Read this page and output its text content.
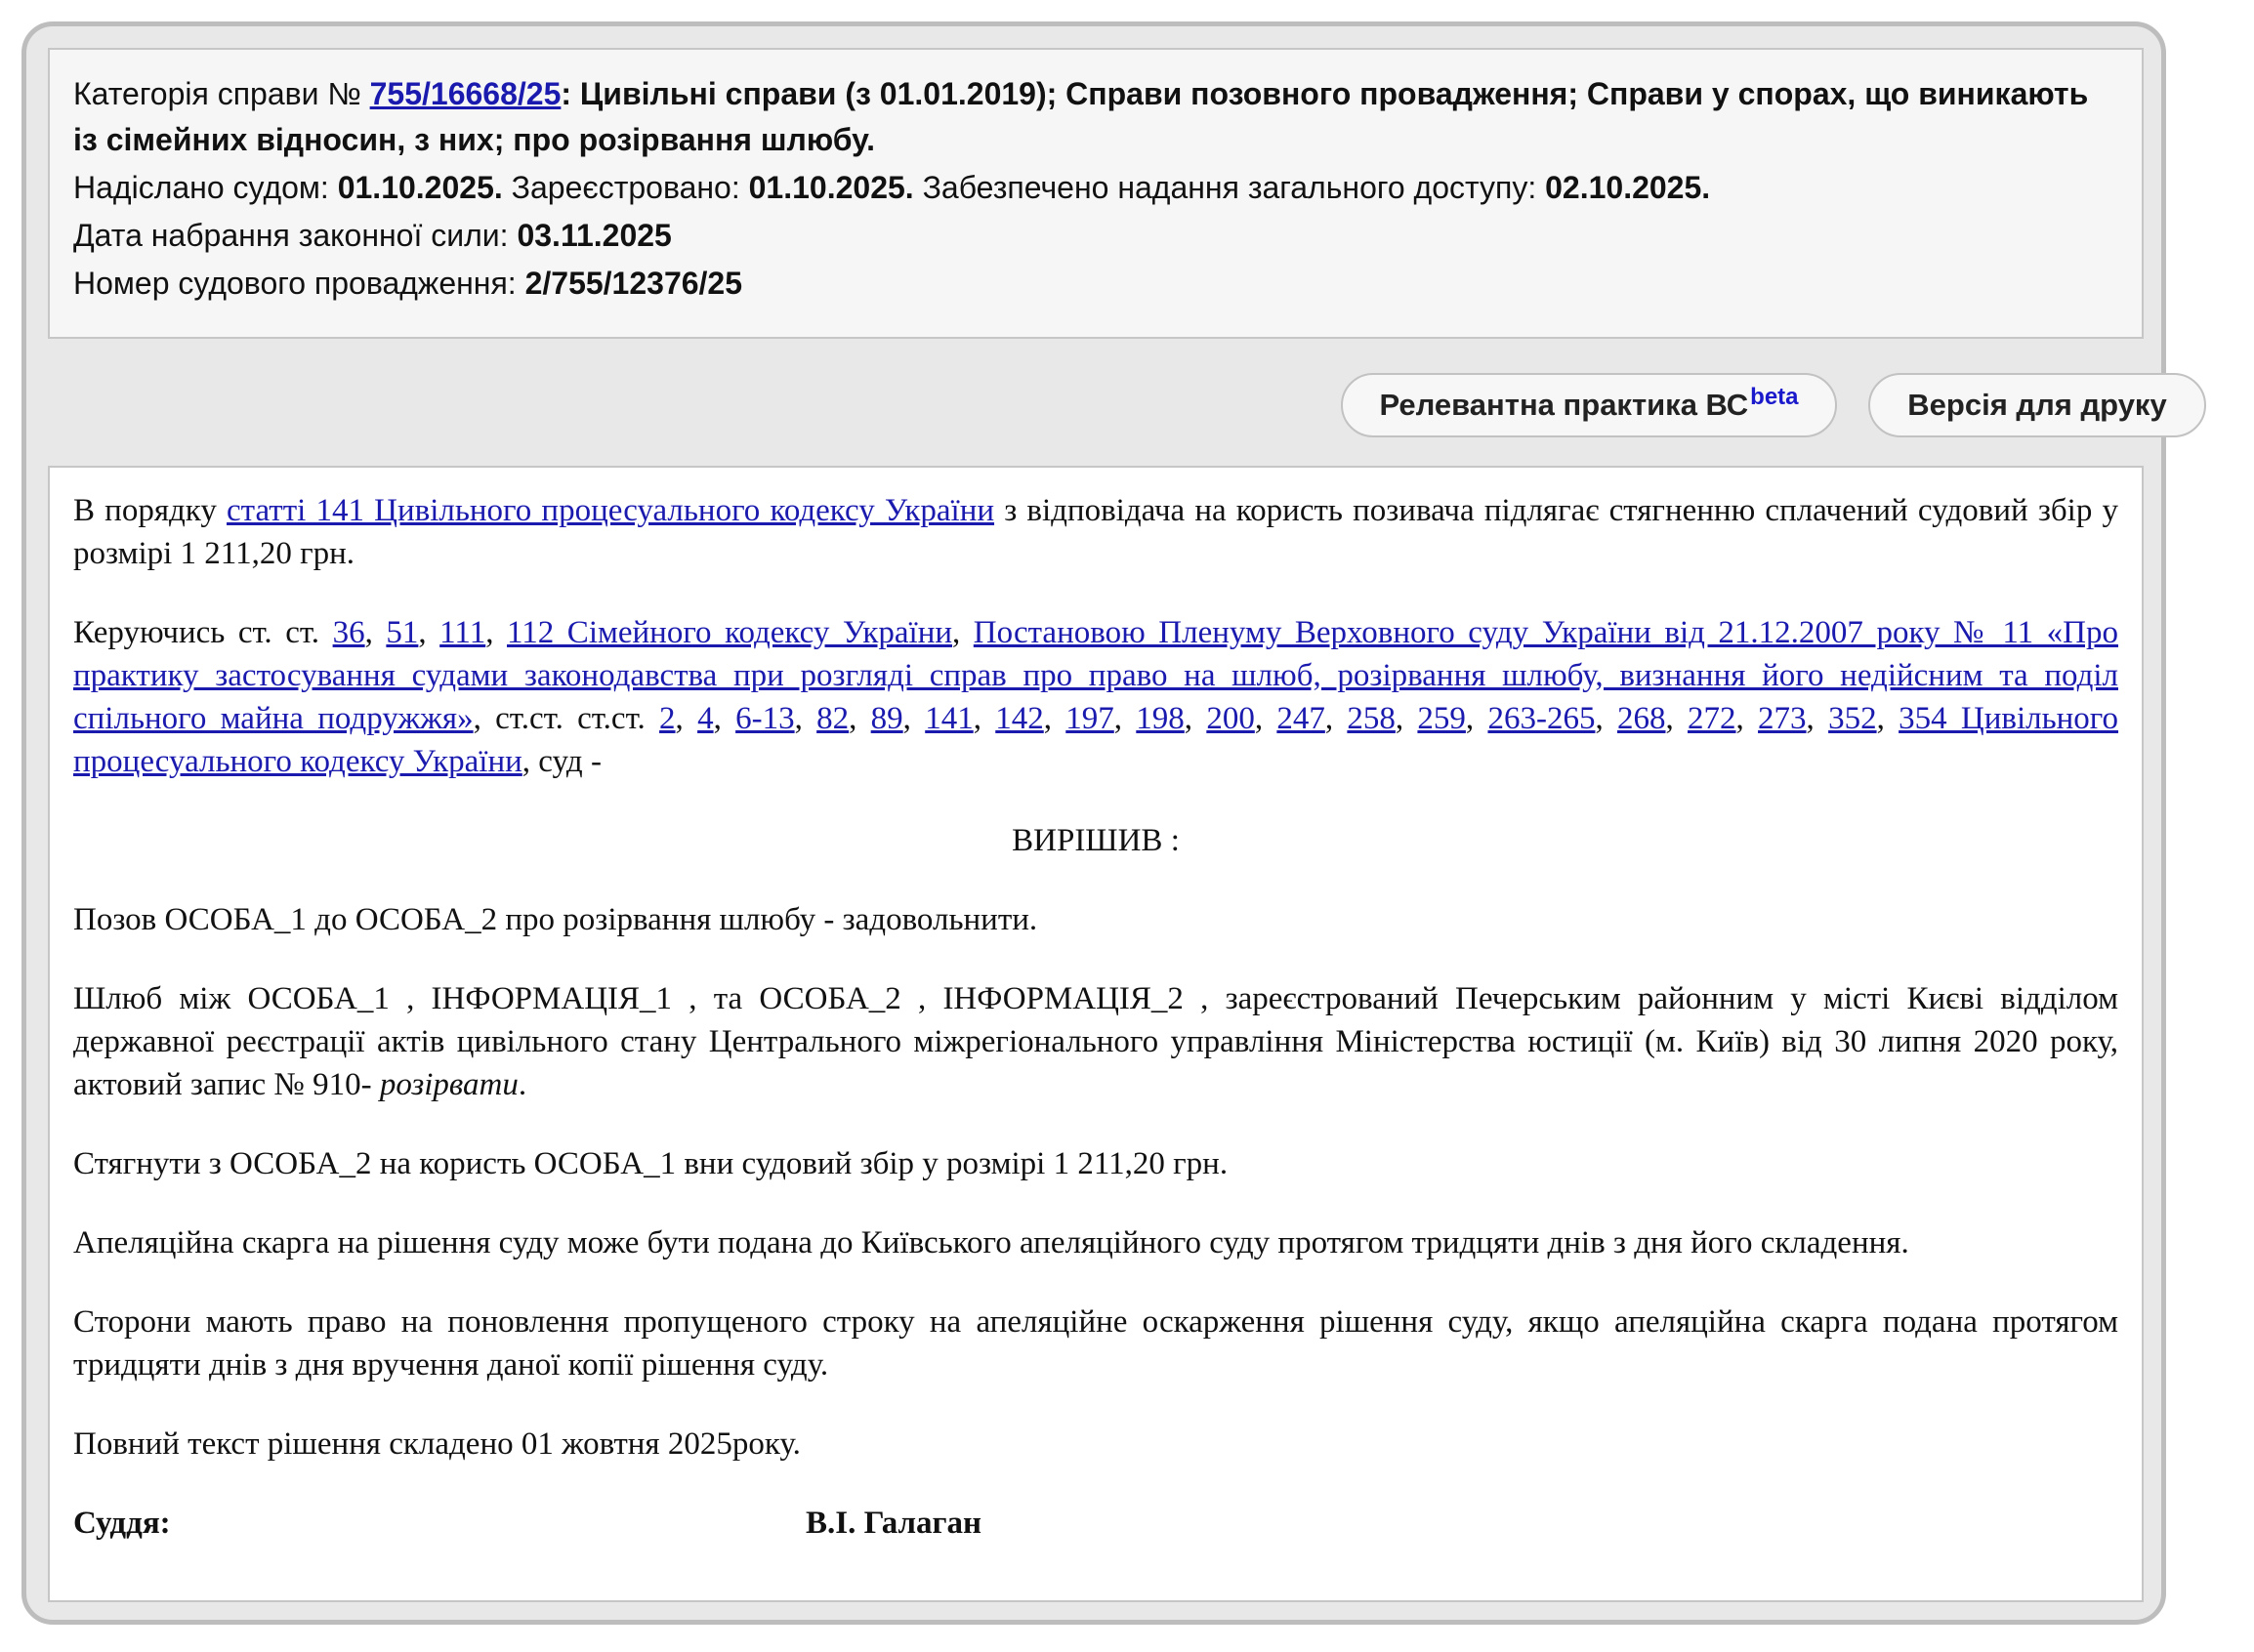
Категорія справи № 755/16668/25: Цивільні справи (з 01.01.2019); Справи позовного провадження; Справи у спорах, що виникають із сімейних відносин, з них; про розірвання шлюбу.

Надіслано судом: 01.10.2025. Зареєстровано: 01.10.2025. Забезпечено надання загального доступу: 02.10.2025.

Дата набрання законної сили: 03.11.2025

Номер судового провадження: 2/755/12376/25

Релевантна практика $ВС^{beta}$	Версія для друку

В порядку статті 141 Цивільного процесуального кодексу України з відповідача на користь позивача підлягає стягненню сплачений судовий збір у розмірі 1 211,20 грн.

Керуючись ст. ст. 36, 51, 111, 112 Сімейного кодексу України, Постановою Пленуму Верховного суду України від 21.12.2007 року № 11 «Про практику застосування судами законодавства при розгляді справ про право на шлюб, розірвання шлюбу, визнання його недійсним та поділ спільного майна подружжя», ст.ст. ст.ст. 2, 4, 6-13, 82, 89, 141, 142, 197, 198, 200, 247, 258, 259, 263-265, 268, 272, 273, 352, 354 Цивільного процесуального кодексу України, суд -

ВИРІШИВ :

Позов ОСОБА_1 до ОСОБА_2 про розірвання шлюбу - задовольнити.

Шлюб між ОСОБА_1 , ІНФОРМАЦІЯ_1 , та ОСОБА_2 , ІНФОРМАЦІЯ_2 , зареєстрований Печерським районним у місті Києві відділом державної реєстрації актів цивільного стану Центрального міжрегіонального управління Міністерства юстиції (м. Київ) від 30 липня 2020 року, актовий запис № 910- розірвати.

Стягнути з ОСОБА_2 на користь ОСОБА_1 вни судовий збір у розмірі 1 211,20 грн.

Апеляційна скарга на рішення суду може бути подана до Київського апеляційного суду протягом тридцяти днів з дня його складення.

Сторони мають право на поновлення пропущеного строку на апеляційне оскарження рішення суду, якщо апеляційна скарга подана протягом тридцяти днів з дня вручення даної копії рішення суду.

Повний текст рішення складено 01 жовтня 2025року.

Суддя:	В.І. Галаган
